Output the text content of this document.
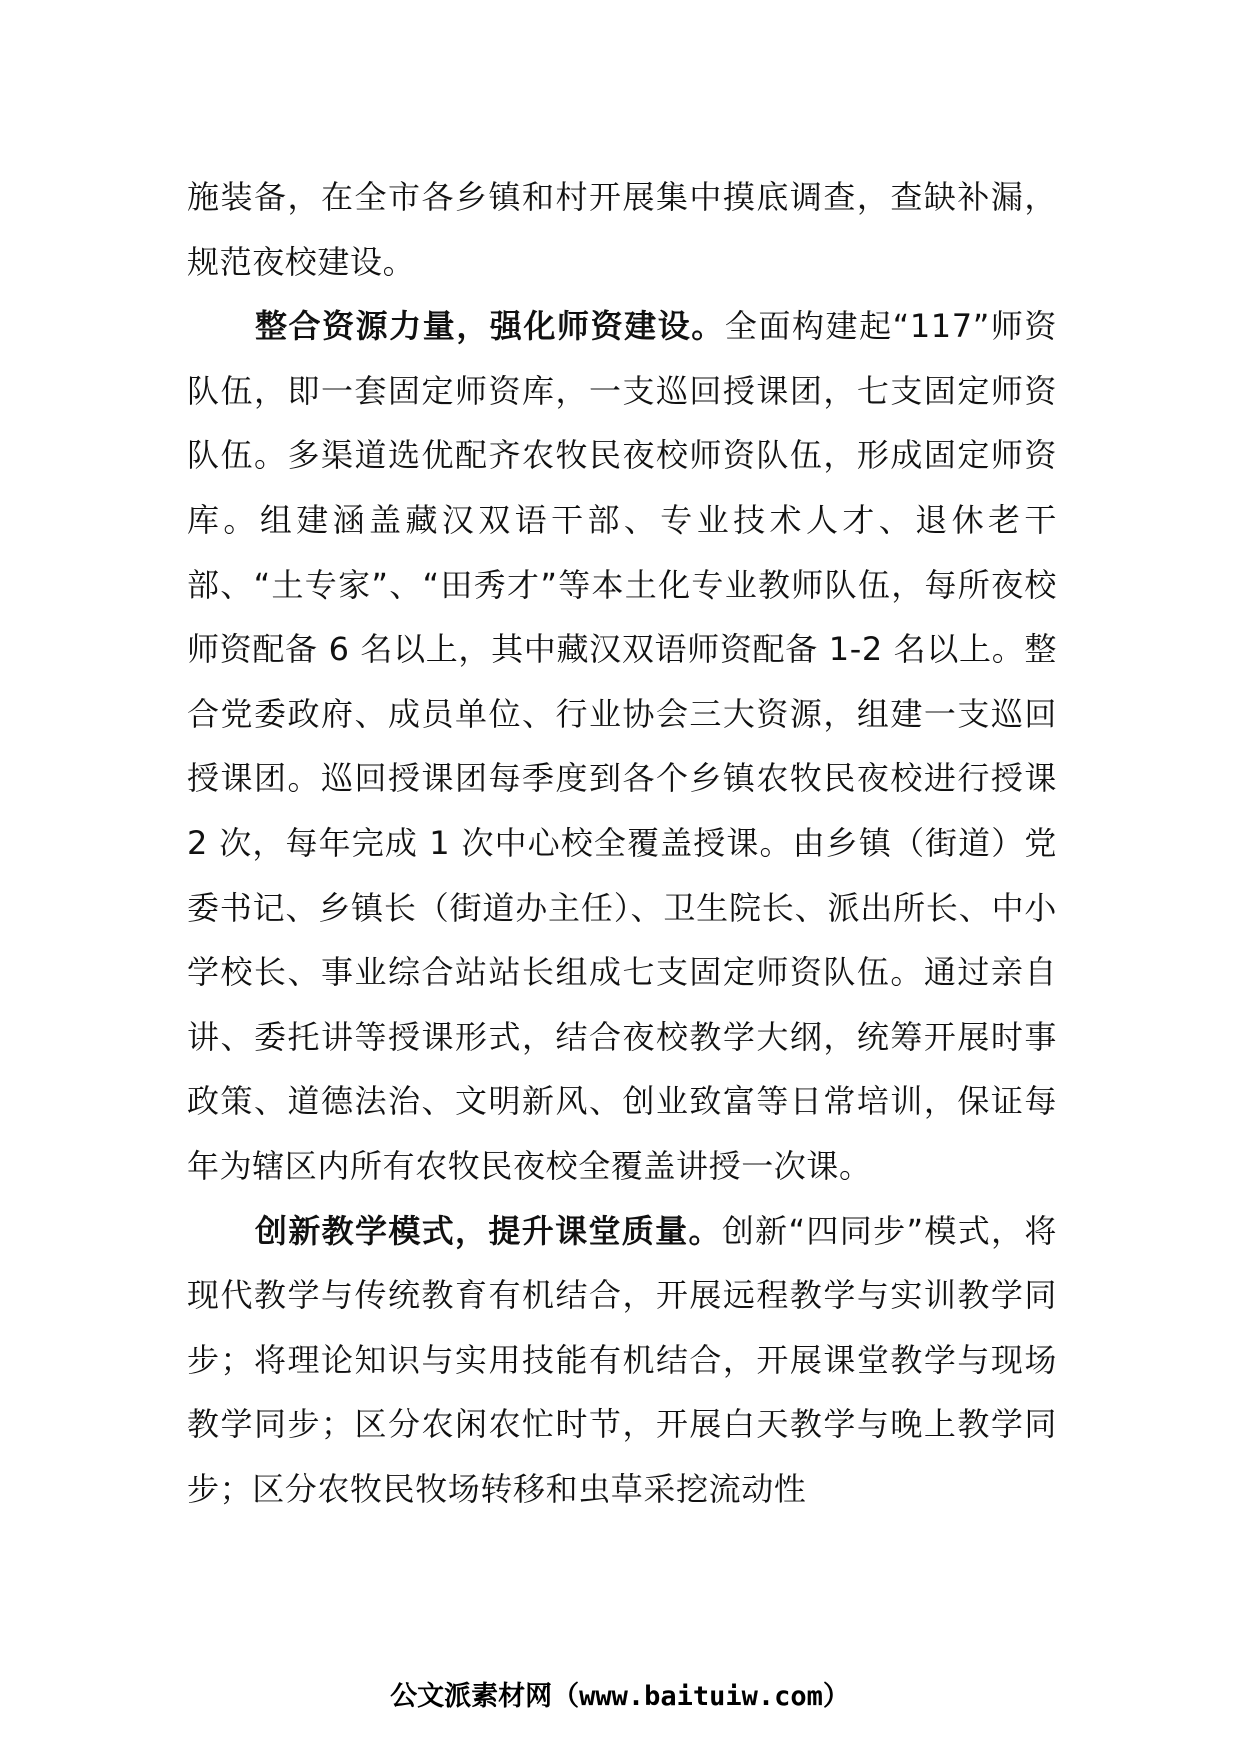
施装备，在全市各乡镇和村开展集中摸底调查，查缺补漏，规范夜校建设。

整合资源力量，强化师资建设。全面构建起“117”师资队伍，即一套固定师资库，一支巡回授课团，七支固定师资队伍。多渠道选优配齐农牧民夜校师资队伍，形成固定师资库。组建涵盖藏汉双语干部、专业技术人才、退休老干部、“土专家”、“田秀才”等本土化专业教师队伍，每所夜校师资配备 6 名以上，其中藏汉双语师资配备 1-2 名以上。整合党委政府、成员单位、行业协会三大资源，组建一支巡回授课团。巡回授课团每季度到各个乡镇农牧民夜校进行授课 2 次，每年完成 1 次中心校全覆盖授课。由乡镇（街道）党委书记、乡镇长（街道办主任）、卫生院长、派出所长、中小学校长、事业综合站站长组成七支固定师资队伍。通过亲自讲、委托讲等授课形式，结合夜校教学大纲，统筹开展时事政策、道德法治、文明新风、创业致富等日常培训，保证每年为辖区内所有农牧民夜校全覆盖讲授一次课。

创新教学模式，提升课堂质量。创新“四同步”模式，将现代教学与传统教育有机结合，开展远程教学与实训教学同步；将理论知识与实用技能有机结合，开展课堂教学与现场教学同步；区分农闲农忙时节，开展白天教学与晚上教学同步；区分农牧民牧场转移和虫草采挖流动性

公文派素材网（www.baituiw.com）
